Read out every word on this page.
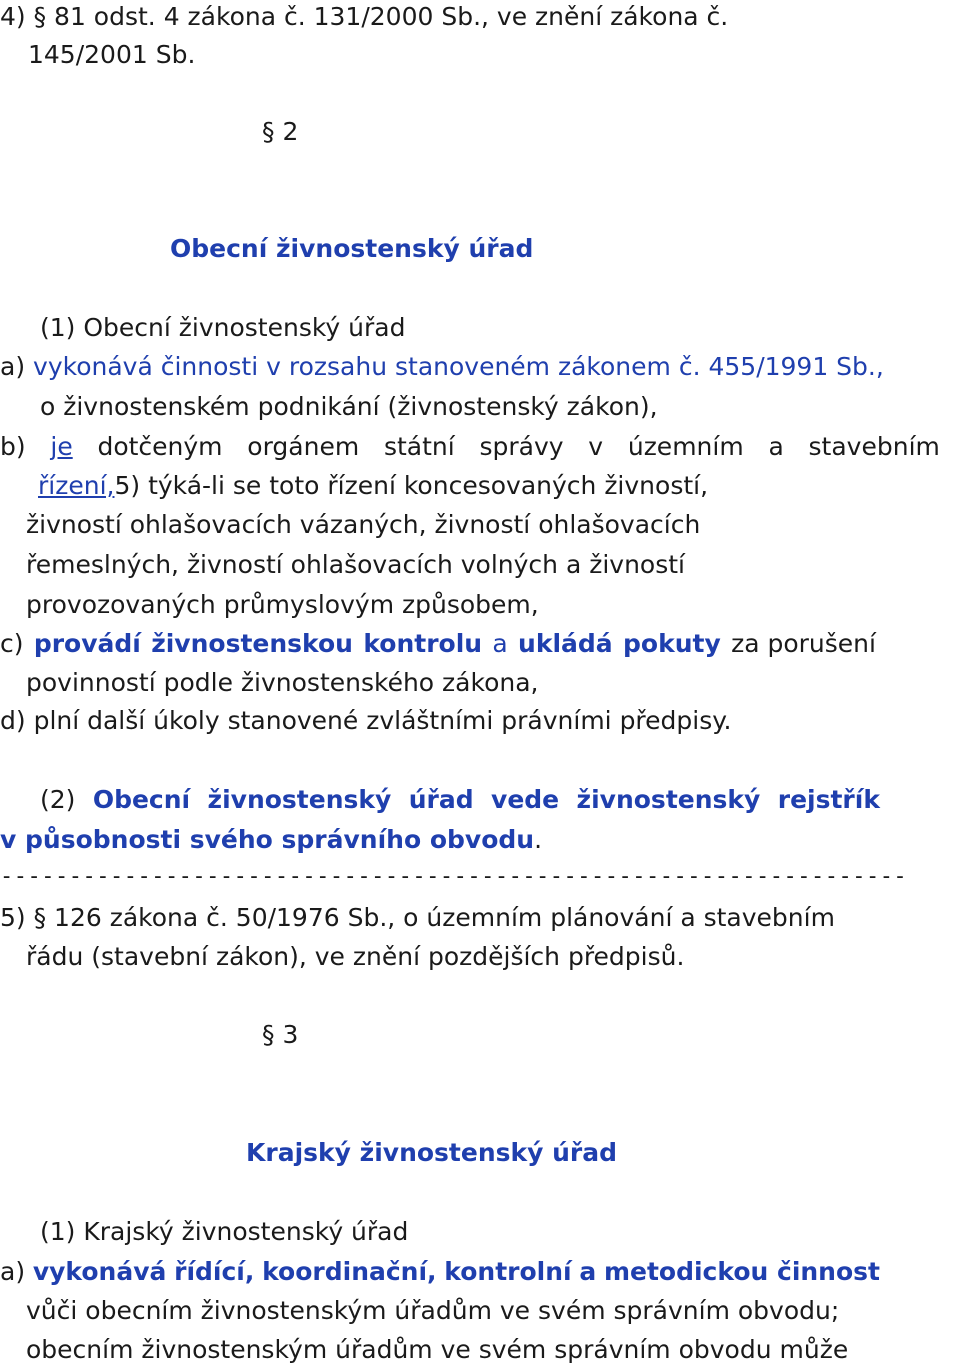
4) § 81 odst. 4 zákona č. 131/2000 Sb., ve znění zákona č.
145/2001 Sb.
§ 2
Obecní živnostenský úřad
(1) Obecní živnostenský úřad
a) vykonává činnosti v rozsahu stanoveném zákonem č. 455/1991 Sb.,
o živnostenském podnikání (živnostenský zákon),
b) je dotčeným orgánem státní správy v územním a stavebním
řízení,5) týká-li se toto řízení koncesovaných živností,
živností ohlašovacích vázaných, živností ohlašovacích
řemeslných, živností ohlašovacích volných a živností
provozovaných průmyslovým způsobem,
c) provádí živnostenskou kontrolu a ukládá pokuty za porušení
povinností podle živnostenského zákona,
d) plní další úkoly stanovené zvláštními právními předpisy.
(2) Obecní živnostenský úřad vede živnostenský rejstřík
v působnosti svého správního obvodu.
------------------------------------------------------------------
5) § 126 zákona č. 50/1976 Sb., o územním plánování a stavebním
řádu (stavební zákon), ve znění pozdějších předpisů.
§ 3
Krajský živnostenský úřad
(1) Krajský živnostenský úřad
a) vykonává řídící, koordinační, kontrolní a metodickou činnost
vůči obecním živnostenským úřadům ve svém správním obvodu;
obecním živnostenským úřadům ve svém správním obvodu může
